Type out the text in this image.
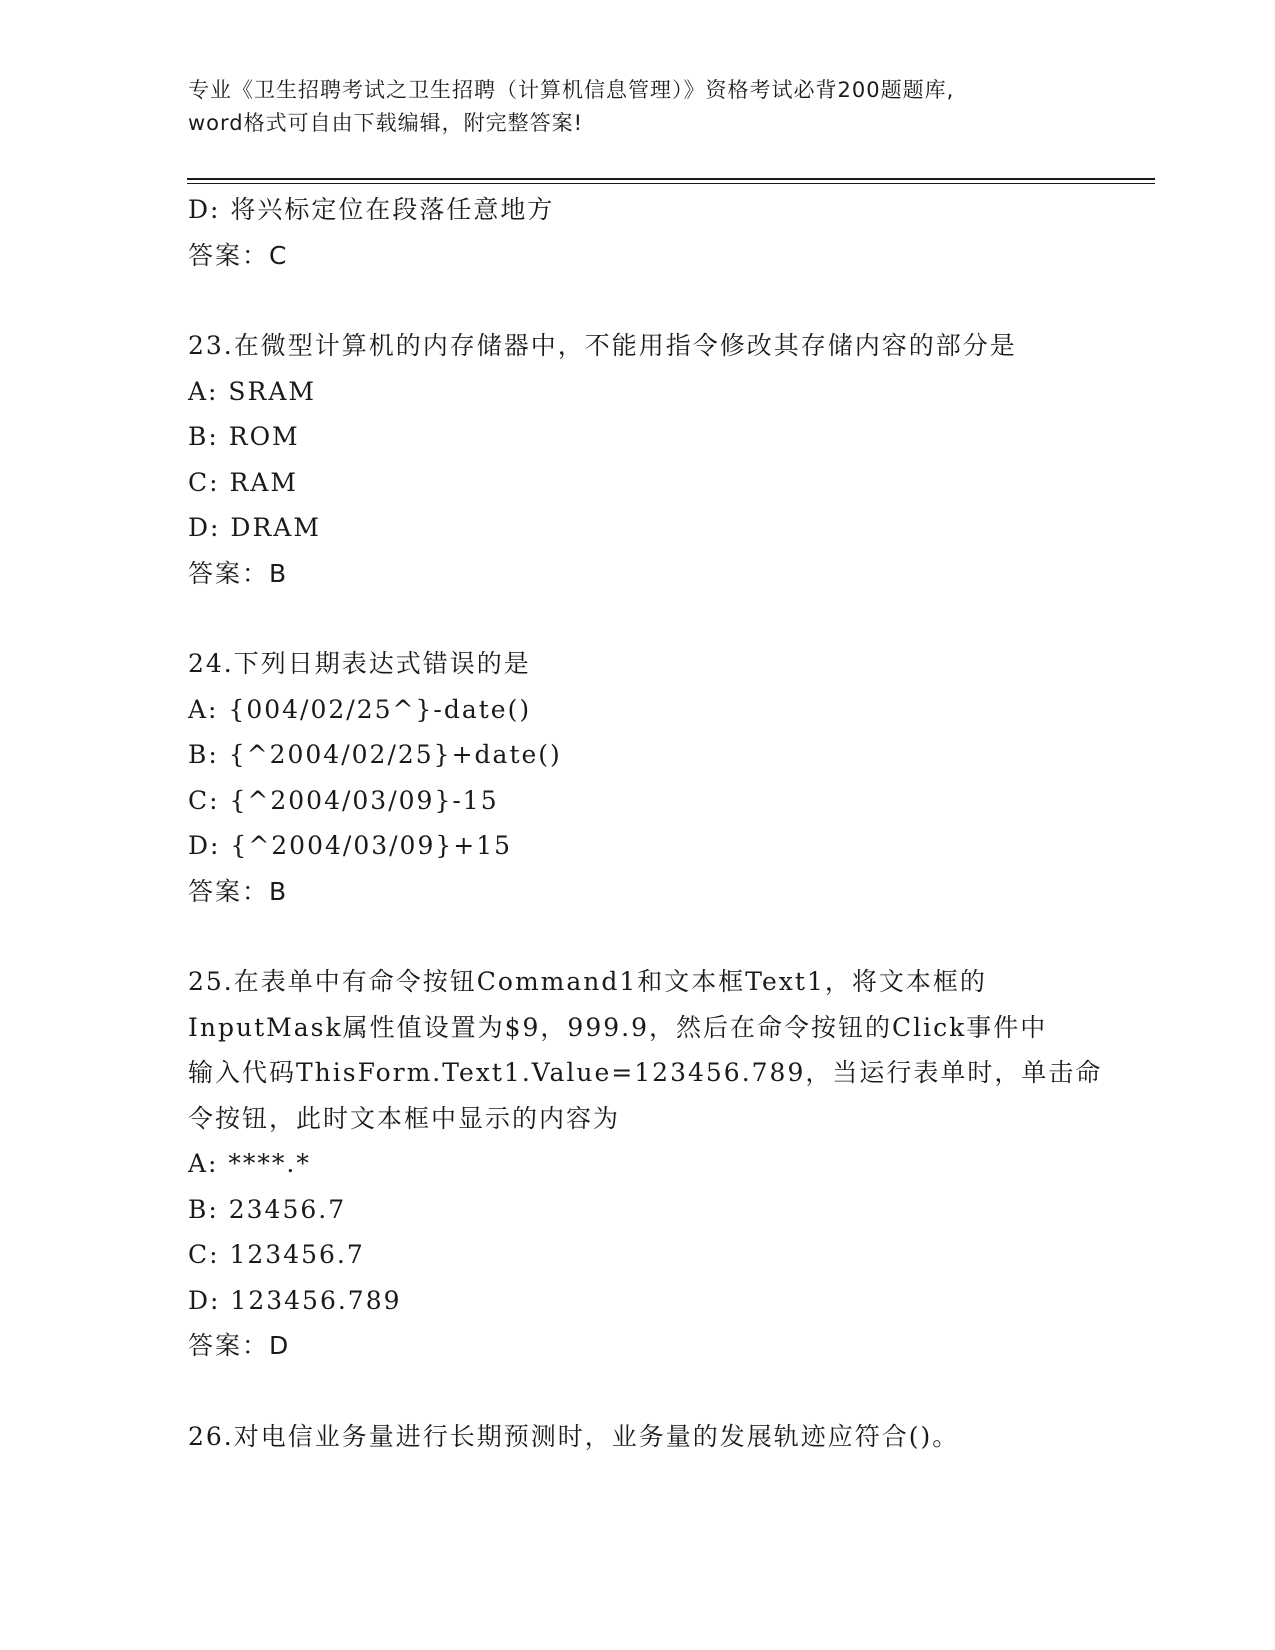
专业《卫生招聘考试之卫生招聘（计算机信息管理）》资格考试必背200题题库,
word格式可自由下载编辑，附完整答案!
D: 将兴标定位在段落任意地方
答案：C
23.在微型计算机的内存储器中，不能用指令修改其存储内容的部分是
A: SRAM
B: ROM
C: RAM
D: DRAM
答案：B
24.下列日期表达式错误的是
A: {004/02/25^}-date()
B: {^2004/02/25}+date()
C: {^2004/03/09}-15
D: {^2004/03/09}+15
答案：B
25.在表单中有命令按钮Command1和文本框Text1，将文本框的
InputMask属性值设置为$9，999.9，然后在命令按钮的Click事件中
输入代码ThisForm.Text1.Value=123456.789，当运行表单时，单击命
令按钮，此时文本框中显示的内容为
A: ****.*
B: 23456.7
C: 123456.7
D: 123456.789
答案：D
26.对电信业务量进行长期预测时，业务量的发展轨迹应符合()。
